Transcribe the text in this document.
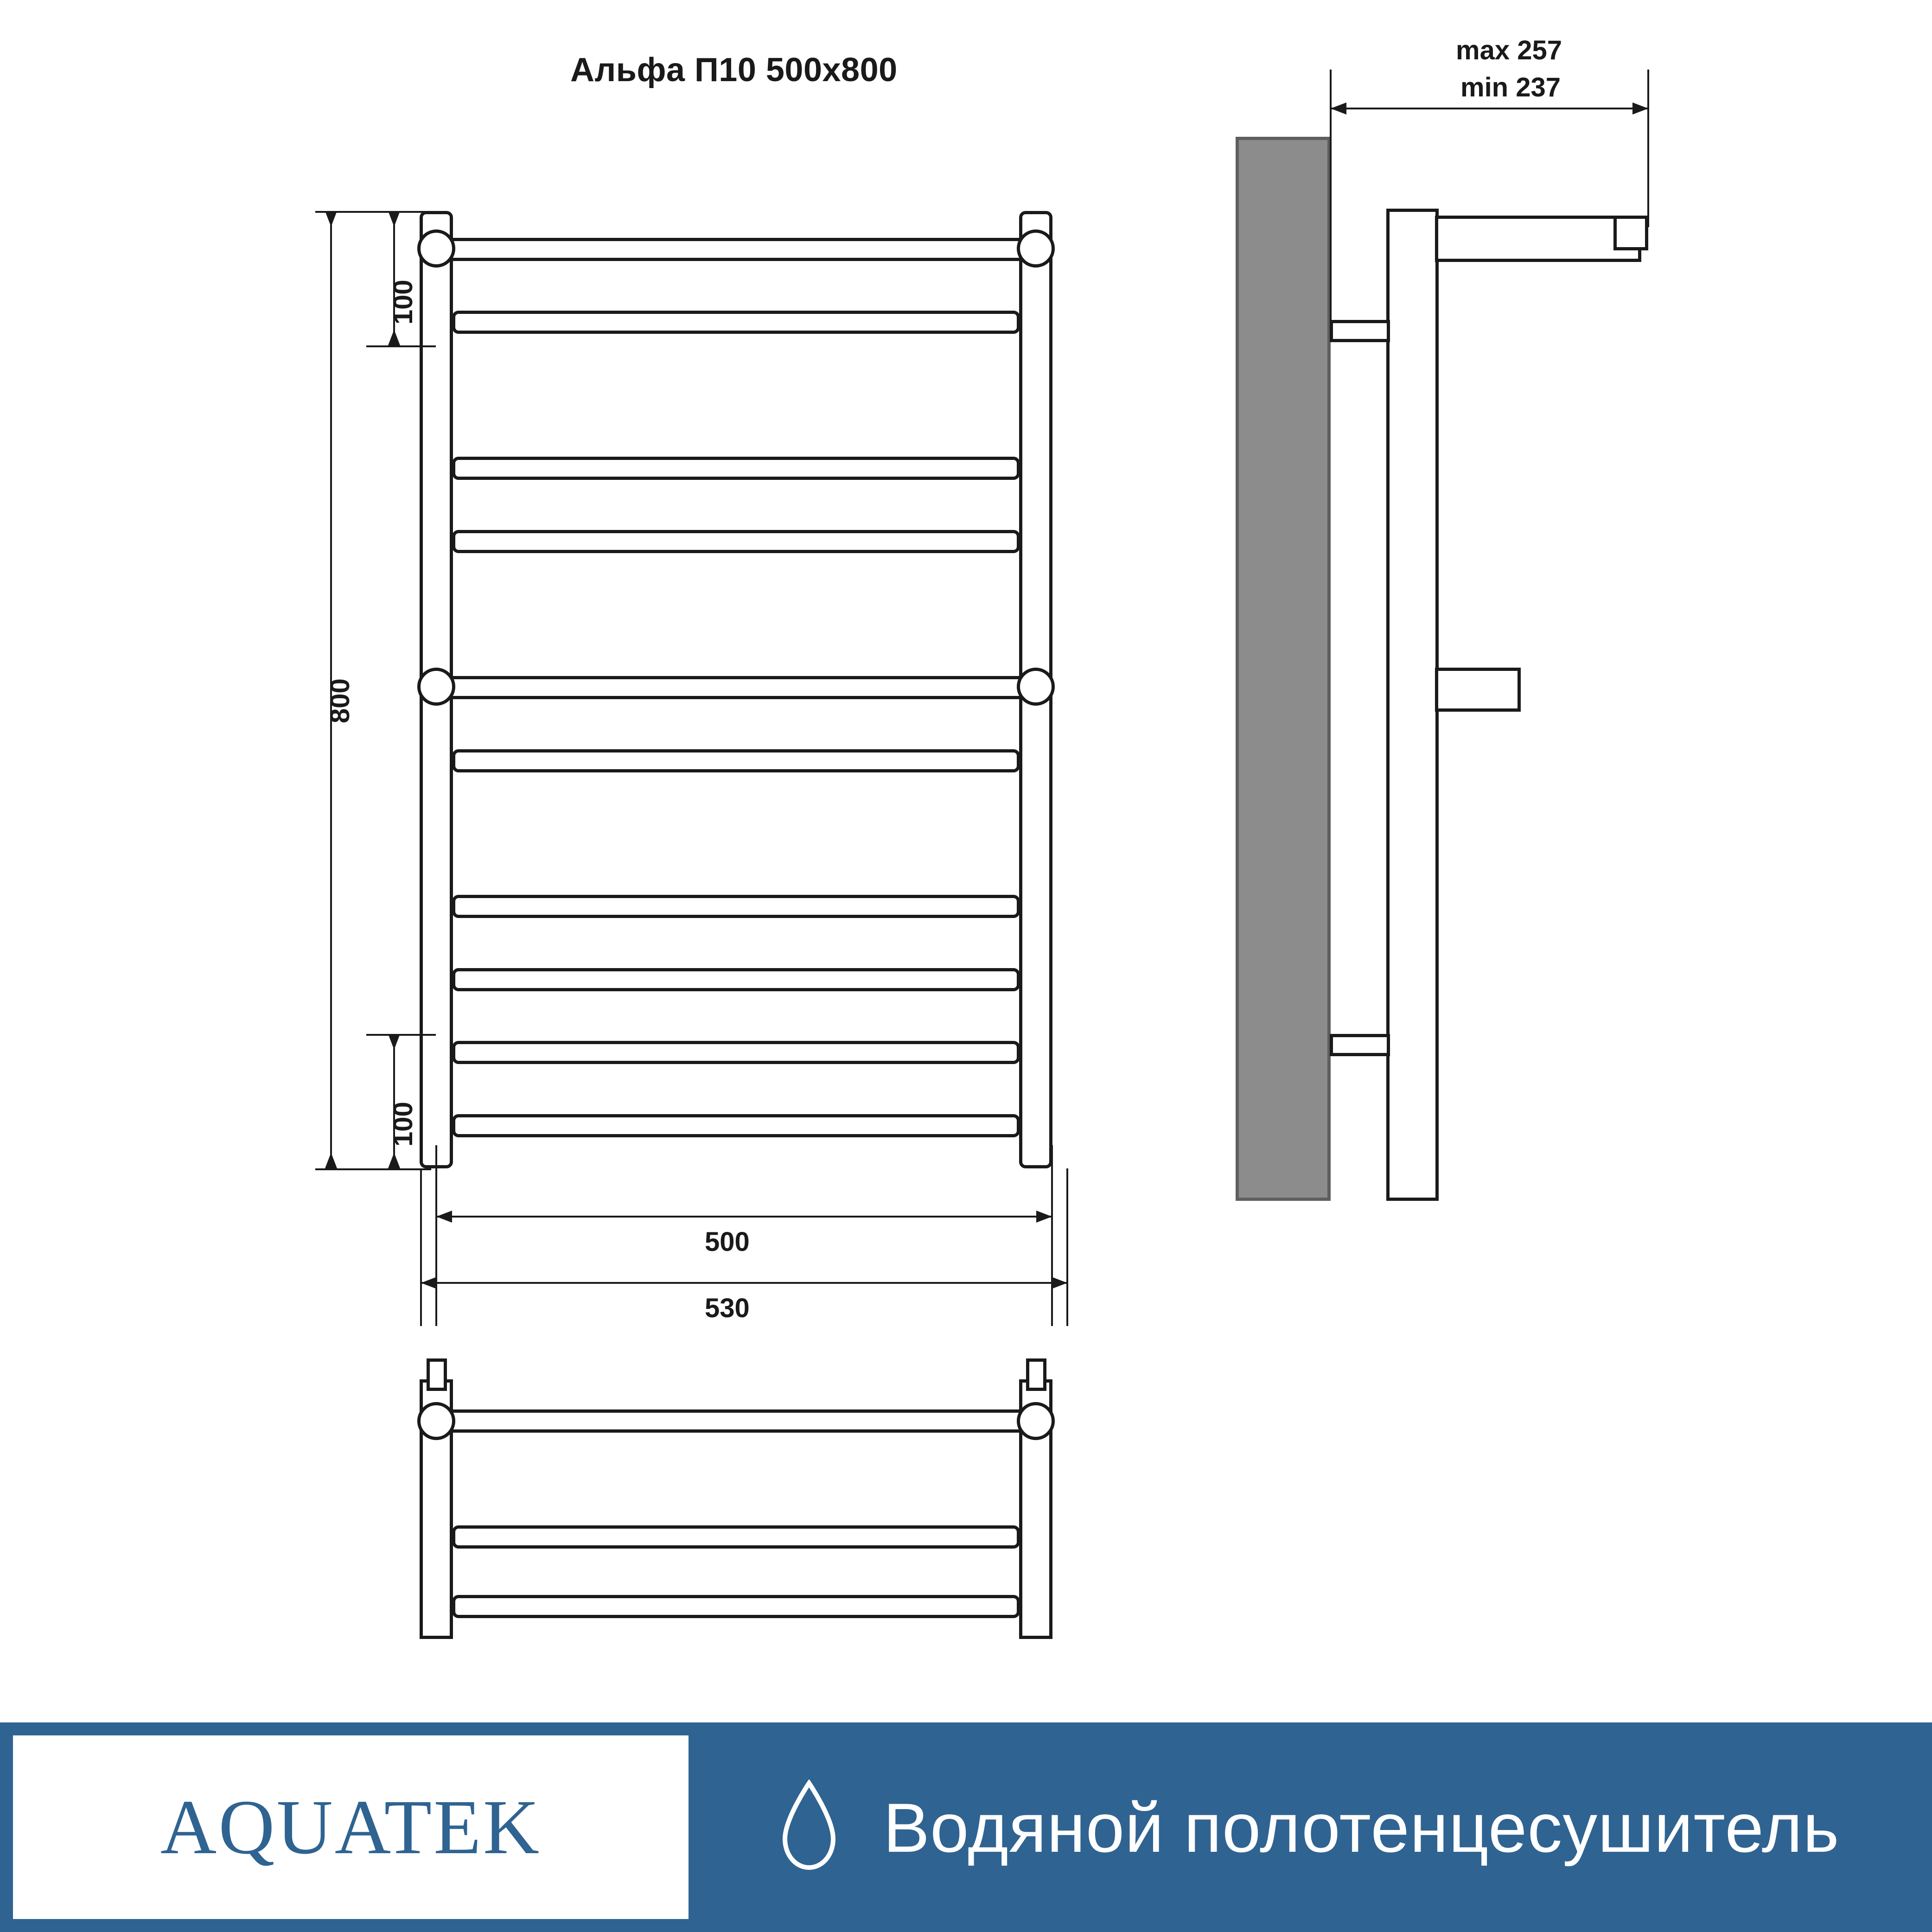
Альфа П10 500x800
800
100
100
500
530
max 257
min 237
AQUATEK	Водяной полотенцесушитель
